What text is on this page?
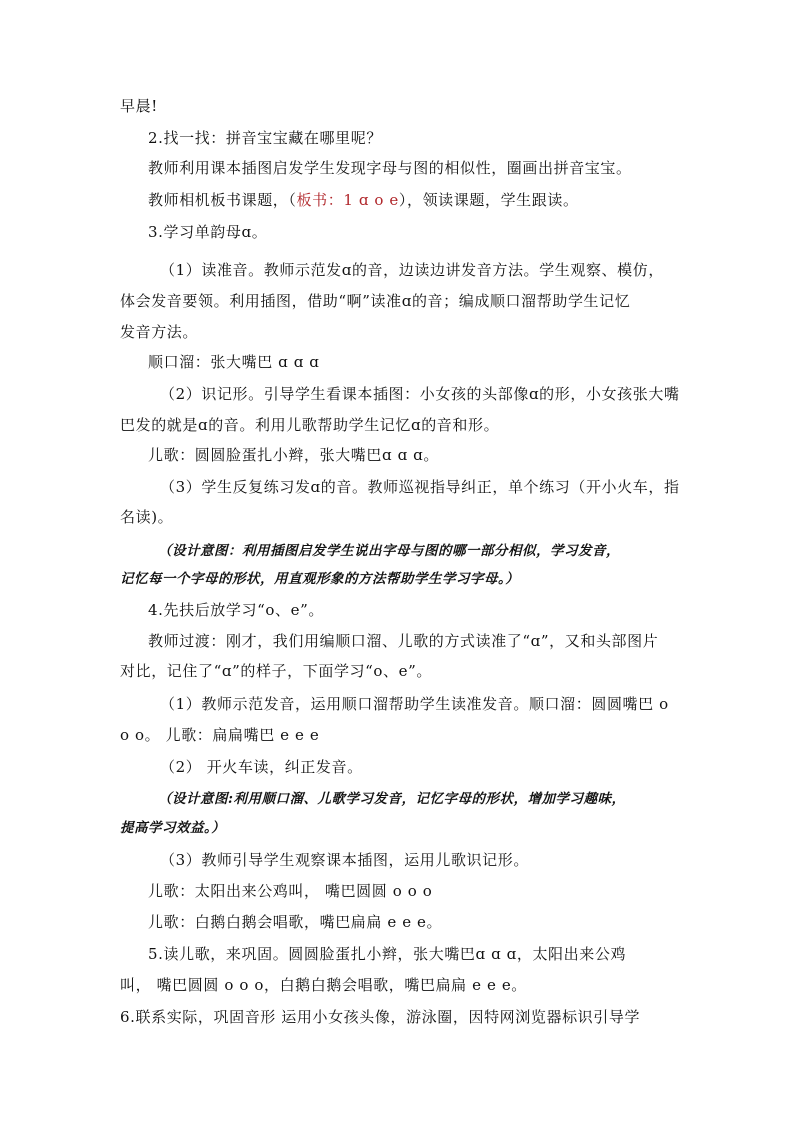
早晨!
2.找一找：拼音宝宝藏在哪里呢？
教师利用课本插图启发学生发现字母与图的相似性，圈画出拼音宝宝。
教师相机板书课题，（板书：1 ɑ o e），领读课题，学生跟读。
3.学习单韵母ɑ。
（1）读准音。教师示范发ɑ的音，边读边讲发音方法。学生观察、模仿，
体会发音要领。利用插图，借助“啊”读准ɑ的音；编成顺口溜帮助学生记忆
发音方法。
顺口溜：张大嘴巴 ɑ ɑ ɑ
（2）识记形。引导学生看课本插图：小女孩的头部像ɑ的形，小女孩张大嘴
巴发的就是ɑ的音。利用儿歌帮助学生记忆ɑ的音和形。
儿歌：圆圆脸蛋扎小辫，张大嘴巴ɑ ɑ ɑ。
（3）学生反复练习发ɑ的音。教师巡视指导纠正，单个练习（开小火车，指
名读)。
（设计意图：利用插图启发学生说出字母与图的哪一部分相似，学习发音，
记忆每一个字母的形状，用直观形象的方法帮助学生学习字母。）
4.先扶后放学习“o、e”。
教师过渡：刚才，我们用编顺口溜、儿歌的方式读准了“ɑ”，又和头部图片
对比，记住了“ɑ”的样子，下面学习“o、e”。
（1）教师示范发音，运用顺口溜帮助学生读准发音。顺口溜：圆圆嘴巴 o
o o。 儿歌：扁扁嘴巴 e e e
（2） 开火车读，纠正发音。
（设计意图:利用顺口溜、儿歌学习发音，记忆字母的形状，增加学习趣味，
提高学习效益。）
（3）教师引导学生观察课本插图，运用儿歌识记形。
儿歌：太阳出来公鸡叫， 嘴巴圆圆 o o o
儿歌：白鹅白鹅会唱歌，嘴巴扁扁 e e e。
5.读儿歌，来巩固。圆圆脸蛋扎小辫，张大嘴巴ɑ ɑ ɑ，太阳出来公鸡
叫， 嘴巴圆圆 o o o，白鹅白鹅会唱歌，嘴巴扁扁 e e e。
6.联系实际，巩固音形 运用小女孩头像，游泳圈，因特网浏览器标识引导学
